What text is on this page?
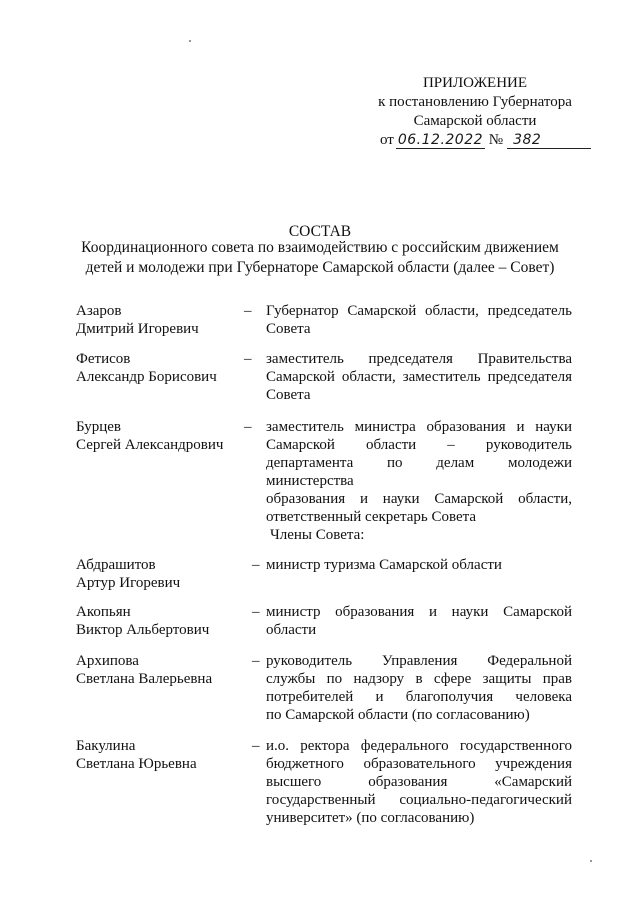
ПРИЛОЖЕНИЕ
к постановлению Губернатора
Самарской области
от 06.12.2022 № 382
СОСТАВ
Координационного совета по взаимодействию с российским движением
детей и молодежи при Губернаторе Самарской области (далее – Совет)
Азаров
Дмитрий Игоревич
– Губернатор Самарской области, председатель
Совета
Фетисов
Александр Борисович
– заместитель председателя Правительства
Самарской области, заместитель председателя
Совета
Бурцев
Сергей Александрович
– заместитель министра образования и науки
Самарской области – руководитель
департамента по делам молодежи министерства
образования и науки Самарской области,
ответственный секретарь Совета
Члены Совета:
Абдрашитов
Артур Игоревич
– министр туризма Самарской области
Акопьян
Виктор Альбертович
– министр образования и науки Самарской
области
Архипова
Светлана Валерьевна
– руководитель Управления Федеральной
службы по надзору в сфере защиты прав
потребителей и благополучия человека
по Самарской области (по согласованию)
Бакулина
Светлана Юрьевна
– и.о. ректора федерального государственного
бюджетного образовательного учреждения
высшего образования «Самарский
государственный социально-педагогический
университет» (по согласованию)
